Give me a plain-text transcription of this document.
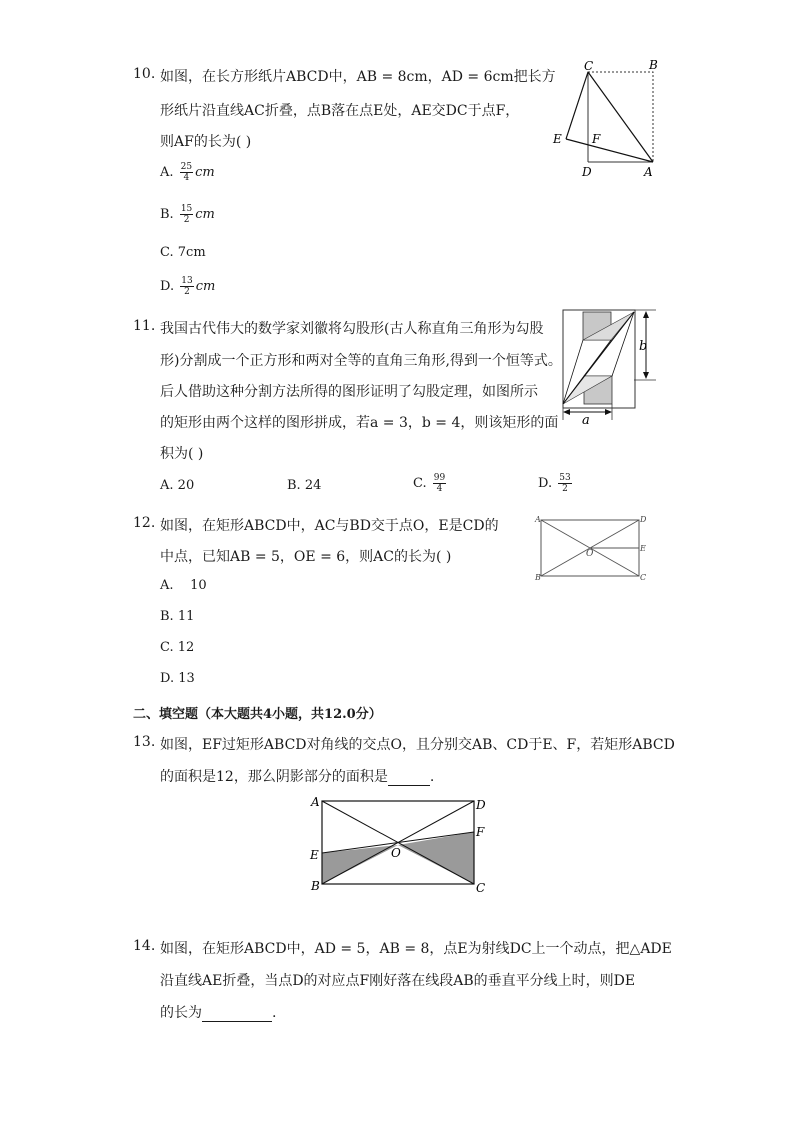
10. 如图，在长方形纸片ABCD中，AB = 8cm，AD = 6cm把长方
形纸片沿直线AC折叠，点B落在点E处，AE交DC于点F，
则AF的长为( )
A. $\frac{25}{4}$ cm
B. $\frac{15}{2}$ cm
C. 7cm
D. $\frac{13}{2}$ cm
C	B
E	F
D	A
11. 我国古代伟大的数学家刘徽将勾股形(古人称直角三角形为勾股
形)分割成一个正方形和两对全等的直角三角形,得到一个恒等式。
后人借助这种分割方法所得的图形证明了勾股定理，如图所示
的矩形由两个这样的图形拼成，若a = 3，b = 4，则该矩形的面
积为( )
A. 20	B. 24	C. $\frac{99}{4}$	D. $\frac{53}{2}$
b
a
12. 如图，在矩形ABCD中，AC与BD交于点O，E是CD的
中点，已知AB = 5，OE = 6，则AC的长为( )
A. 10
B. 11
C. 12
D. 13
A	D
O
E
B	C
二、填空题（本大题共4小题，共12.0分）
13. 如图，EF过矩形ABCD对角线的交点O，且分别交AB、CD于E、F，若矩形ABCD
的面积是12，那么阴影部分的面积是	.
A	D
F
O
E
B	C
14. 如图，在矩形ABCD中，AD = 5，AB = 8，点E为射线DC上一个动点，把△ADE
沿直线AE折叠，当点D的对应点F刚好落在线段AB的垂直平分线上时，则DE
的长为	.
